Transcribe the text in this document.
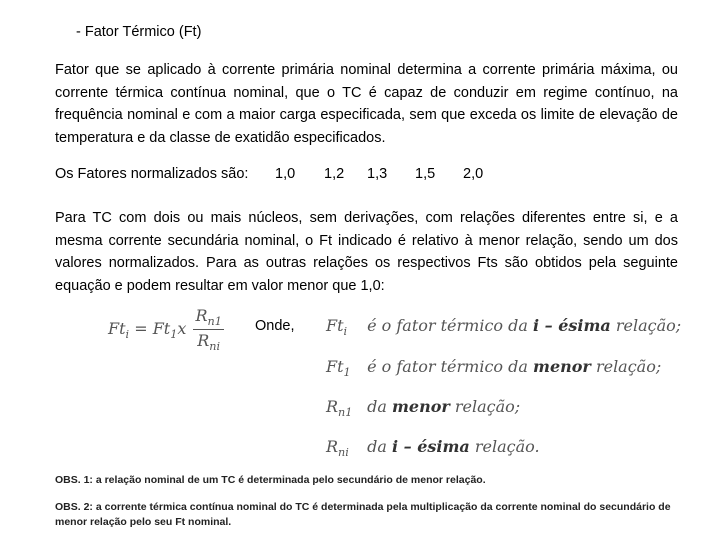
- Fator Térmico (Ft)
Fator que se aplicado à corrente primária nominal determina a corrente primária máxima, ou corrente térmica contínua nominal, que o TC é capaz de conduzir em regime contínuo, na frequência nominal e com a maior carga especificada, sem que exceda os limite de elevação de temperatura e da classe de exatidão especificados.
Os Fatores normalizados são: 1,0 1,2 1,3 1,5 2,0
Para TC com dois ou mais núcleos, sem derivações, com relações diferentes entre si, e a mesma corrente secundária nominal, o Ft indicado é relativo à menor relação, sendo um dos valores normalizados. Para as outras relações os respectivos Fts são obtidos pela seguinte equação e podem resultar em valor menor que 1,0:
$Ft_i = Ft_1x \frac{R_{n1}}{R_{ni}}$ Onde, $Ft_i$ é o fator térmico da i – ésima relação;
$Ft_1$ é o fator térmico da menor relação;
$R_{n1}$ da menor relação;
$R_{ni}$ da i – ésima relação.
OBS. 1: a relação nominal de um TC é determinada pelo secundário de menor relação.
OBS. 2: a corrente térmica contínua nominal do TC é determinada pela multiplicação da corrente nominal do secundário de menor relação pelo seu Ft nominal.
